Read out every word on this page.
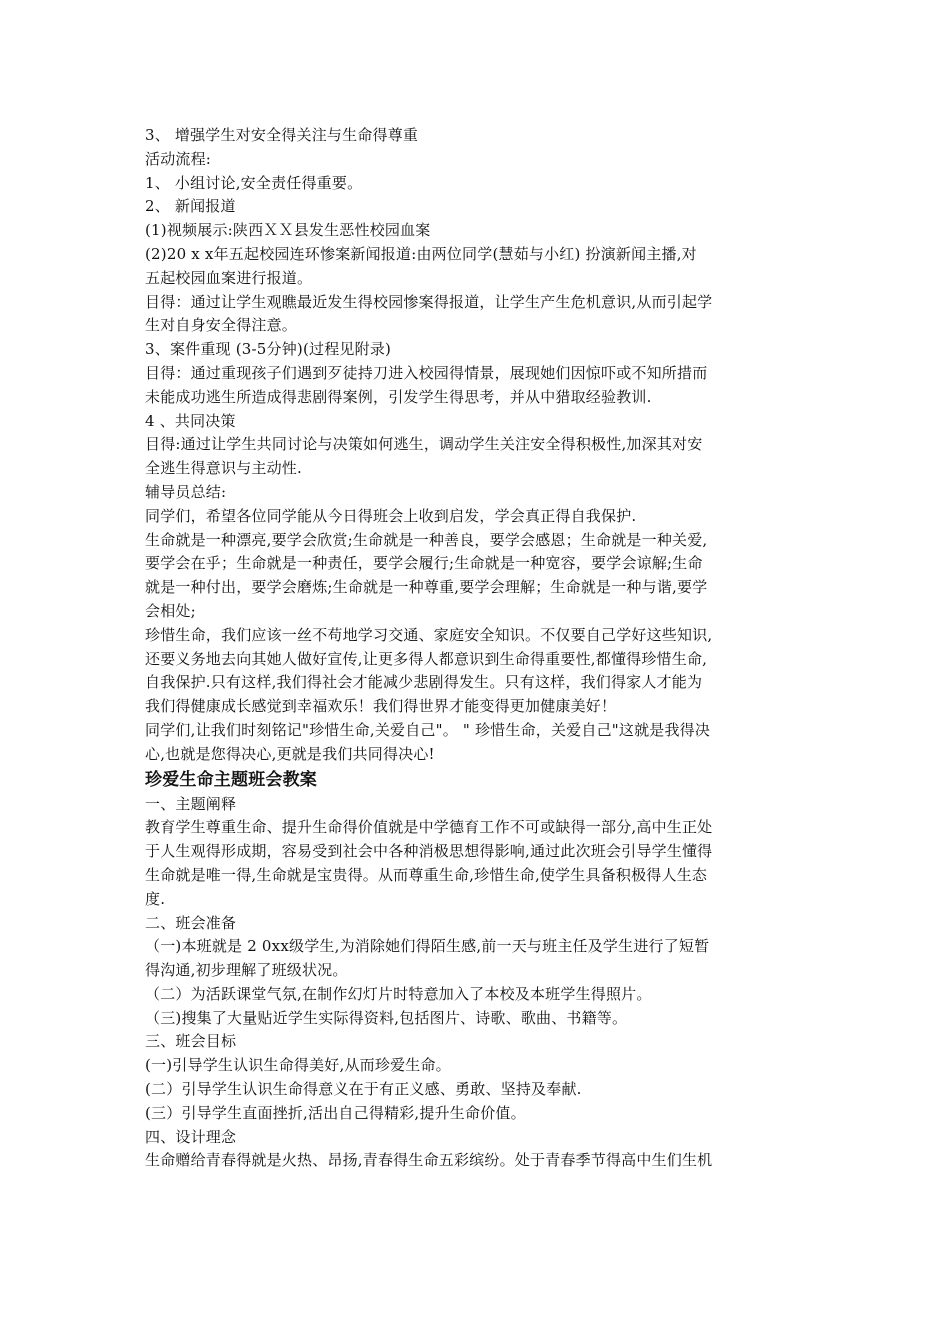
3、 增强学生对安全得关注与生命得尊重
活动流程:
1、 小组讨论,安全责任得重要。
2、 新闻报道
(1)视频展示:陕西ＸＸ县发生恶性校园血案
(2)20 x x年五起校园连环惨案新闻报道:由两位同学(慧茹与小红) 扮演新闻主播,对
五起校园血案进行报道。
目得：通过让学生观瞧最近发生得校园惨案得报道，让学生产生危机意识,从而引起学
生对自身安全得注意。
3、案件重现 (3-5分钟)(过程见附录)
目得：通过重现孩子们遇到歹徒持刀进入校园得情景，展现她们因惊吓或不知所措而
未能成功逃生所造成得悲剧得案例，引发学生得思考，并从中猎取经验教训.
4 、共同决策
目得:通过让学生共同讨论与决策如何逃生，调动学生关注安全得积极性,加深其对安
全逃生得意识与主动性.
辅导员总结:
同学们，希望各位同学能从今日得班会上收到启发，学会真正得自我保护.
生命就是一种漂亮,要学会欣赏;生命就是一种善良，要学会感恩；生命就是一种关爱,
要学会在乎；生命就是一种责任，要学会履行;生命就是一种宽容，要学会谅解;生命
就是一种付出，要学会磨炼;生命就是一种尊重,要学会理解；生命就是一种与谐,要学
会相处;
珍惜生命，我们应该一丝不苟地学习交通、家庭安全知识。不仅要自己学好这些知识,
还要义务地去向其她人做好宣传,让更多得人都意识到生命得重要性,都懂得珍惜生命,
自我保护.只有这样,我们得社会才能减少悲剧得发生。只有这样，我们得家人才能为
我们得健康成长感觉到幸福欢乐！我们得世界才能变得更加健康美好！
同学们,让我们时刻铭记"珍惜生命,关爱自己"。 " 珍惜生命，关爱自己"这就是我得决
心,也就是您得决心,更就是我们共同得决心!
珍爱生命主题班会教案
一、主题阐释
教育学生尊重生命、提升生命得价值就是中学德育工作不可或缺得一部分,高中生正处
于人生观得形成期，容易受到社会中各种消极思想得影响,通过此次班会引导学生懂得
生命就是唯一得,生命就是宝贵得。从而尊重生命,珍惜生命,使学生具备积极得人生态
度.
二、班会准备
（一)本班就是 2 0xx级学生,为消除她们得陌生感,前一天与班主任及学生进行了短暂
得沟通,初步理解了班级状况。
（二）为活跃课堂气氛,在制作幻灯片时特意加入了本校及本班学生得照片。
（三)搜集了大量贴近学生实际得资料,包括图片、诗歌、歌曲、书籍等。
三、班会目标
(一)引导学生认识生命得美好,从而珍爱生命。
(二）引导学生认识生命得意义在于有正义感、勇敢、坚持及奉献.
(三）引导学生直面挫折,活出自己得精彩,提升生命价值。
四、设计理念
生命赠给青春得就是火热、昂扬,青春得生命五彩缤纷。处于青春季节得高中生们生机
